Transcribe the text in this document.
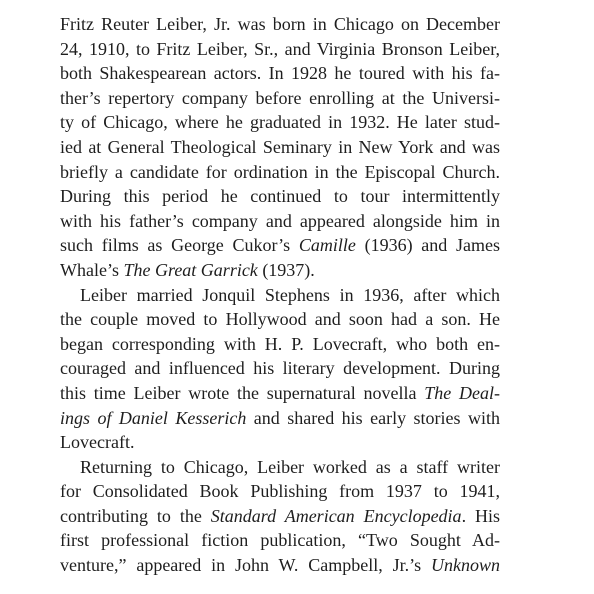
Fritz Reuter Leiber, Jr. was born in Chicago on December
24, 1910, to Fritz Leiber, Sr., and Virginia Bronson Leiber,
both Shakespearean actors. In 1928 he toured with his fa-
ther’s repertory company before enrolling at the Universi-
ty of Chicago, where he graduated in 1932. He later stud-
ied at General Theological Seminary in New York and was
briefly a candidate for ordination in the Episcopal Church.
During this period he continued to tour intermittently
with his father’s company and appeared alongside him in
such films as George Cukor’s Camille (1936) and James
Whale’s The Great Garrick (1937).
Leiber married Jonquil Stephens in 1936, after which
the couple moved to Hollywood and soon had a son. He
began corresponding with H. P. Lovecraft, who both en-
couraged and influenced his literary development. During
this time Leiber wrote the supernatural novella The Deal-
ings of Daniel Kesserich and shared his early stories with
Lovecraft.
Returning to Chicago, Leiber worked as a staff writer
for Consolidated Book Publishing from 1937 to 1941,
contributing to the Standard American Encyclopedia. His
first professional fiction publication, “Two Sought Ad-
venture,” appeared in John W. Campbell, Jr.’s Unknown
